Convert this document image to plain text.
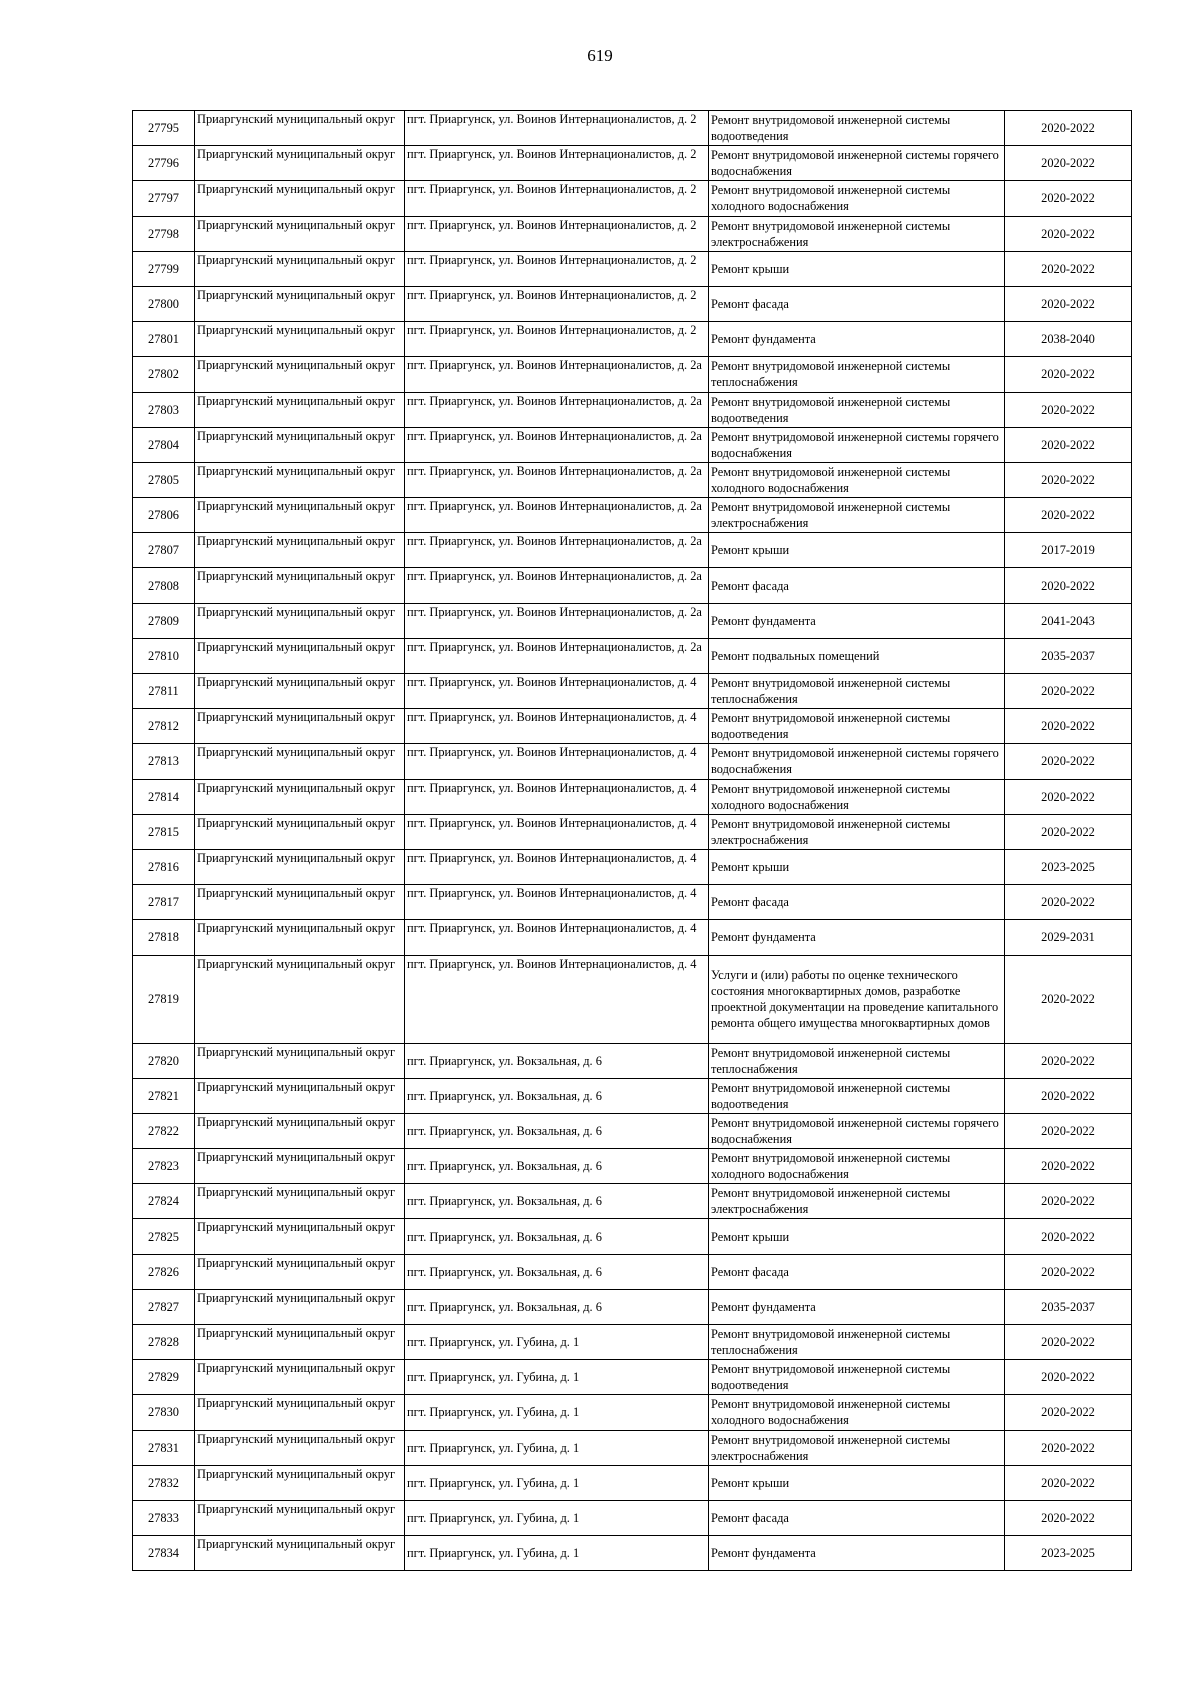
619
27795	Приаргунский муниципальный округ	пгт. Приаргунск, ул. Воинов Интернационалистов, д. 2	Ремонт внутридомовой инженерной системы водоотведения	2020-2022
27796	Приаргунский муниципальный округ	пгт. Приаргунск, ул. Воинов Интернационалистов, д. 2	Ремонт внутридомовой инженерной системы горячего водоснабжения	2020-2022
27797	Приаргунский муниципальный округ	пгт. Приаргунск, ул. Воинов Интернационалистов, д. 2	Ремонт внутридомовой инженерной системы холодного водоснабжения	2020-2022
27798	Приаргунский муниципальный округ	пгт. Приаргунск, ул. Воинов Интернационалистов, д. 2	Ремонт внутридомовой инженерной системы электроснабжения	2020-2022
27799	Приаргунский муниципальный округ	пгт. Приаргунск, ул. Воинов Интернационалистов, д. 2	Ремонт крыши	2020-2022
27800	Приаргунский муниципальный округ	пгт. Приаргунск, ул. Воинов Интернационалистов, д. 2	Ремонт фасада	2020-2022
27801	Приаргунский муниципальный округ	пгт. Приаргунск, ул. Воинов Интернационалистов, д. 2	Ремонт фундамента	2038-2040
27802	Приаргунский муниципальный округ	пгт. Приаргунск, ул. Воинов Интернационалистов, д. 2а	Ремонт внутридомовой инженерной системы теплоснабжения	2020-2022
27803	Приаргунский муниципальный округ	пгт. Приаргунск, ул. Воинов Интернационалистов, д. 2а	Ремонт внутридомовой инженерной системы водоотведения	2020-2022
27804	Приаргунский муниципальный округ	пгт. Приаргунск, ул. Воинов Интернационалистов, д. 2а	Ремонт внутридомовой инженерной системы горячего водоснабжения	2020-2022
27805	Приаргунский муниципальный округ	пгт. Приаргунск, ул. Воинов Интернационалистов, д. 2а	Ремонт внутридомовой инженерной системы холодного водоснабжения	2020-2022
27806	Приаргунский муниципальный округ	пгт. Приаргунск, ул. Воинов Интернационалистов, д. 2а	Ремонт внутридомовой инженерной системы электроснабжения	2020-2022
27807	Приаргунский муниципальный округ	пгт. Приаргунск, ул. Воинов Интернационалистов, д. 2а	Ремонт крыши	2017-2019
27808	Приаргунский муниципальный округ	пгт. Приаргунск, ул. Воинов Интернационалистов, д. 2а	Ремонт фасада	2020-2022
27809	Приаргунский муниципальный округ	пгт. Приаргунск, ул. Воинов Интернационалистов, д. 2а	Ремонт фундамента	2041-2043
27810	Приаргунский муниципальный округ	пгт. Приаргунск, ул. Воинов Интернационалистов, д. 2а	Ремонт подвальных помещений	2035-2037
27811	Приаргунский муниципальный округ	пгт. Приаргунск, ул. Воинов Интернационалистов, д. 4	Ремонт внутридомовой инженерной системы теплоснабжения	2020-2022
27812	Приаргунский муниципальный округ	пгт. Приаргунск, ул. Воинов Интернационалистов, д. 4	Ремонт внутридомовой инженерной системы водоотведения	2020-2022
27813	Приаргунский муниципальный округ	пгт. Приаргунск, ул. Воинов Интернационалистов, д. 4	Ремонт внутридомовой инженерной системы горячего водоснабжения	2020-2022
27814	Приаргунский муниципальный округ	пгт. Приаргунск, ул. Воинов Интернационалистов, д. 4	Ремонт внутридомовой инженерной системы холодного водоснабжения	2020-2022
27815	Приаргунский муниципальный округ	пгт. Приаргунск, ул. Воинов Интернационалистов, д. 4	Ремонт внутридомовой инженерной системы электроснабжения	2020-2022
27816	Приаргунский муниципальный округ	пгт. Приаргунск, ул. Воинов Интернационалистов, д. 4	Ремонт крыши	2023-2025
27817	Приаргунский муниципальный округ	пгт. Приаргунск, ул. Воинов Интернационалистов, д. 4	Ремонт фасада	2020-2022
27818	Приаргунский муниципальный округ	пгт. Приаргунск, ул. Воинов Интернационалистов, д. 4	Ремонт фундамента	2029-2031
27819	Приаргунский муниципальный округ	пгт. Приаргунск, ул. Воинов Интернационалистов, д. 4	Услуги и (или) работы по оценке технического состояния многоквартирных домов, разработке проектной документации на проведение капитального ремонта общего имущества многоквартирных домов	2020-2022
27820	Приаргунский муниципальный округ	пгт. Приаргунск, ул. Вокзальная, д. 6	Ремонт внутридомовой инженерной системы теплоснабжения	2020-2022
27821	Приаргунский муниципальный округ	пгт. Приаргунск, ул. Вокзальная, д. 6	Ремонт внутридомовой инженерной системы водоотведения	2020-2022
27822	Приаргунский муниципальный округ	пгт. Приаргунск, ул. Вокзальная, д. 6	Ремонт внутридомовой инженерной системы горячего водоснабжения	2020-2022
27823	Приаргунский муниципальный округ	пгт. Приаргунск, ул. Вокзальная, д. 6	Ремонт внутридомовой инженерной системы холодного водоснабжения	2020-2022
27824	Приаргунский муниципальный округ	пгт. Приаргунск, ул. Вокзальная, д. 6	Ремонт внутридомовой инженерной системы электроснабжения	2020-2022
27825	Приаргунский муниципальный округ	пгт. Приаргунск, ул. Вокзальная, д. 6	Ремонт крыши	2020-2022
27826	Приаргунский муниципальный округ	пгт. Приаргунск, ул. Вокзальная, д. 6	Ремонт фасада	2020-2022
27827	Приаргунский муниципальный округ	пгт. Приаргунск, ул. Вокзальная, д. 6	Ремонт фундамента	2035-2037
27828	Приаргунский муниципальный округ	пгт. Приаргунск, ул. Губина, д. 1	Ремонт внутридомовой инженерной системы теплоснабжения	2020-2022
27829	Приаргунский муниципальный округ	пгт. Приаргунск, ул. Губина, д. 1	Ремонт внутридомовой инженерной системы водоотведения	2020-2022
27830	Приаргунский муниципальный округ	пгт. Приаргунск, ул. Губина, д. 1	Ремонт внутридомовой инженерной системы холодного водоснабжения	2020-2022
27831	Приаргунский муниципальный округ	пгт. Приаргунск, ул. Губина, д. 1	Ремонт внутридомовой инженерной системы электроснабжения	2020-2022
27832	Приаргунский муниципальный округ	пгт. Приаргунск, ул. Губина, д. 1	Ремонт крыши	2020-2022
27833	Приаргунский муниципальный округ	пгт. Приаргунск, ул. Губина, д. 1	Ремонт фасада	2020-2022
27834	Приаргунский муниципальный округ	пгт. Приаргунск, ул. Губина, д. 1	Ремонт фундамента	2023-2025
